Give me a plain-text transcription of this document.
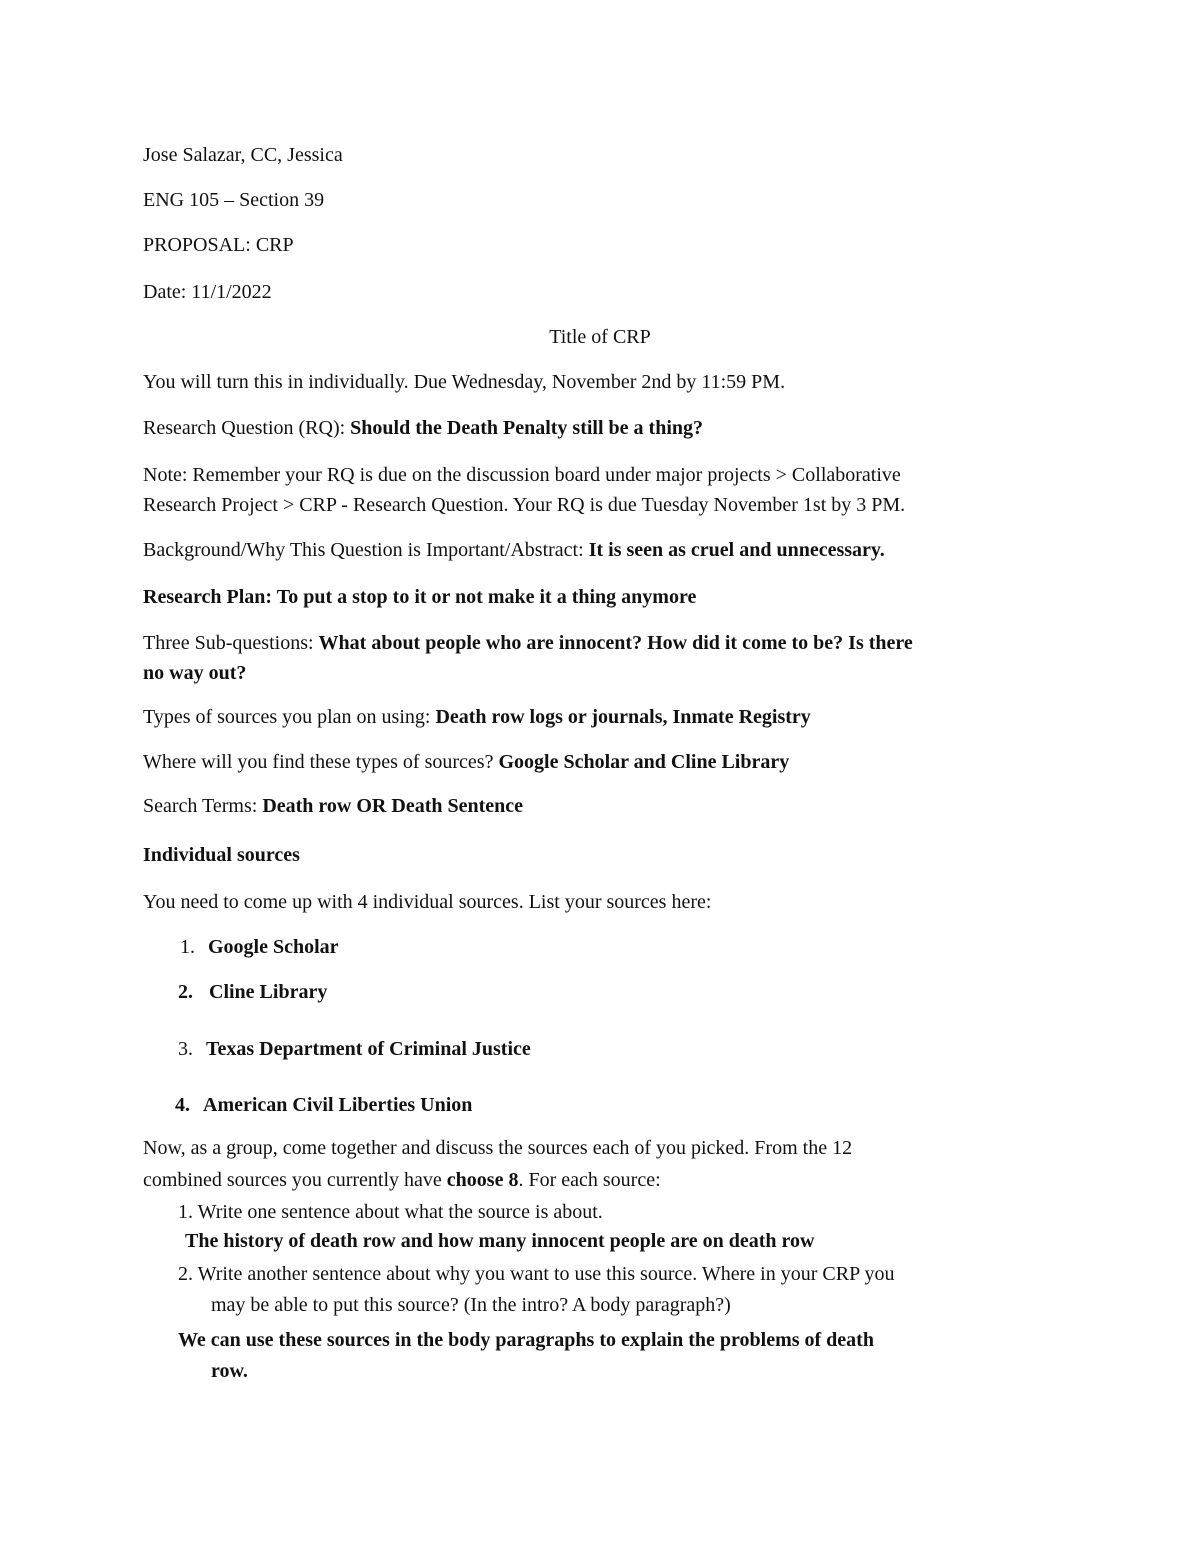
Jose Salazar, CC, Jessica
ENG 105 – Section 39
PROPOSAL: CRP
Date: 11/1/2022
Title of CRP
You will turn this in individually. Due Wednesday, November 2nd by 11:59 PM.
Research Question (RQ): Should the Death Penalty still be a thing?
Note: Remember your RQ is due on the discussion board under major projects > Collaborative
Research Project > CRP - Research Question. Your RQ is due Tuesday November 1st by 3 PM.
Background/Why This Question is Important/Abstract: It is seen as cruel and unnecessary.
Research Plan: To put a stop to it or not make it a thing anymore
Three Sub-questions: What about people who are innocent? How did it come to be? Is there
no way out?
Types of sources you plan on using: Death row logs or journals, Inmate Registry
Where will you find these types of sources? Google Scholar and Cline Library
Search Terms: Death row OR Death Sentence
Individual sources
You need to come up with 4 individual sources. List your sources here:
1. Google Scholar
2. Cline Library
3. Texas Department of Criminal Justice
4. American Civil Liberties Union
Now, as a group, come together and discuss the sources each of you picked. From the 12
combined sources you currently have choose 8. For each source:
1. Write one sentence about what the source is about.
The history of death row and how many innocent people are on death row
2. Write another sentence about why you want to use this source. Where in your CRP you
may be able to put this source? (In the intro? A body paragraph?)
We can use these sources in the body paragraphs to explain the problems of death
row.
